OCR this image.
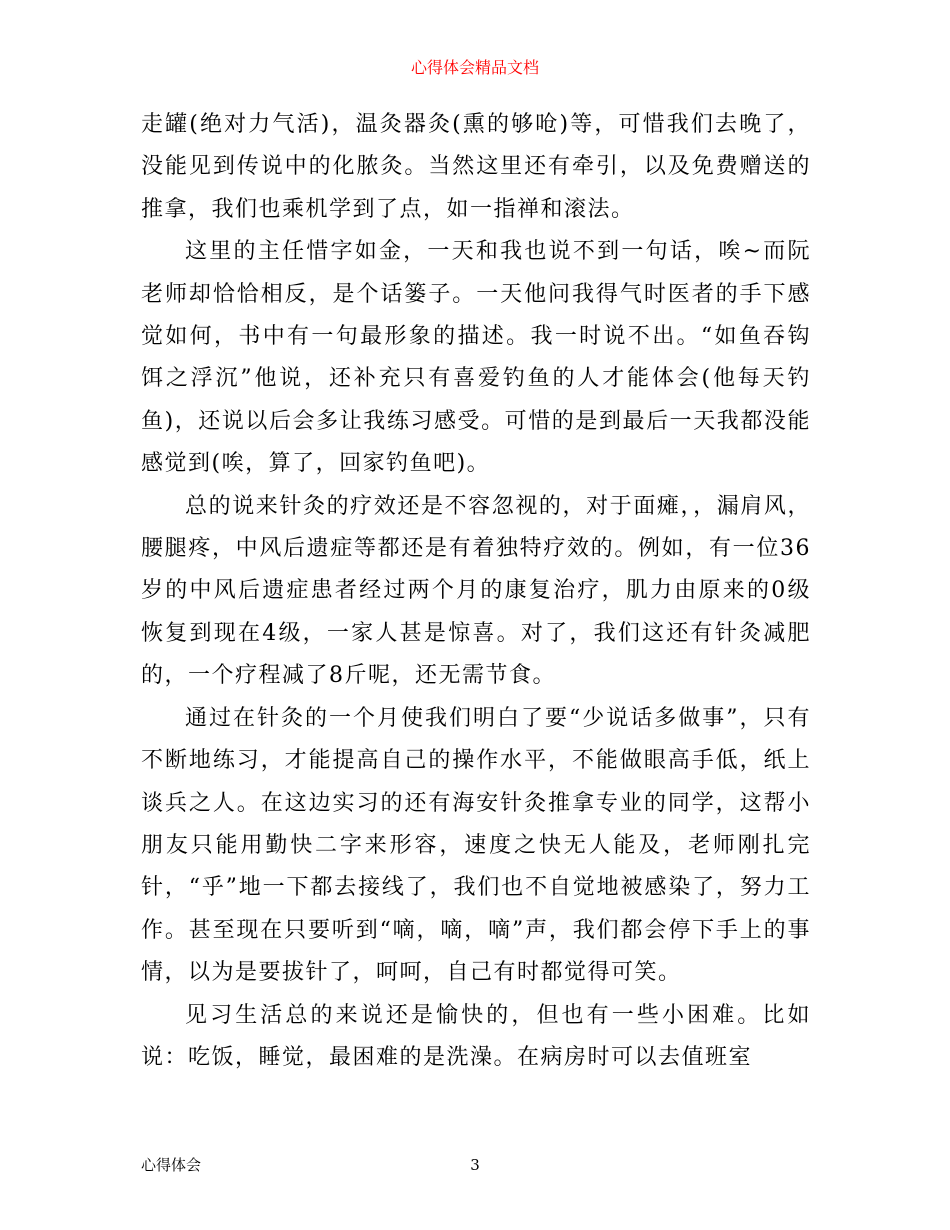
心得体会精品文档

走罐(绝对力气活)，温灸器灸(熏的够呛)等，可惜我们去晚了，没能见到传说中的化脓灸。当然这里还有牵引，以及免费赠送的推拿，我们也乘机学到了点，如一指禅和滚法。

这里的主任惜字如金，一天和我也说不到一句话，唉~而阮老师却恰恰相反，是个话篓子。一天他问我得气时医者的手下感觉如何，书中有一句最形象的描述。我一时说不出。“如鱼吞钩饵之浮沉”他说，还补充只有喜爱钓鱼的人才能体会(他每天钓鱼)，还说以后会多让我练习感受。可惜的是到最后一天我都没能感觉到(唉，算了，回家钓鱼吧)。

总的说来针灸的疗效还是不容忽视的，对于面瘫，，漏肩风，腰腿疼，中风后遗症等都还是有着独特疗效的。例如，有一位36岁的中风后遗症患者经过两个月的康复治疗，肌力由原来的0级恢复到现在4级，一家人甚是惊喜。对了，我们这还有针灸减肥的，一个疗程减了8斤呢，还无需节食。

通过在针灸的一个月使我们明白了要“少说话多做事”，只有不断地练习，才能提高自己的操作水平，不能做眼高手低，纸上谈兵之人。在这边实习的还有海安针灸推拿专业的同学，这帮小朋友只能用勤快二字来形容，速度之快无人能及，老师刚扎完针，“乎”地一下都去接线了，我们也不自觉地被感染了，努力工作。甚至现在只要听到“嘀，嘀，嘀”声，我们都会停下手上的事情，以为是要拔针了，呵呵，自己有时都觉得可笑。

见习生活总的来说还是愉快的，但也有一些小困难。比如说：吃饭，睡觉，最困难的是洗澡。在病房时可以去值班室

心得体会	3
